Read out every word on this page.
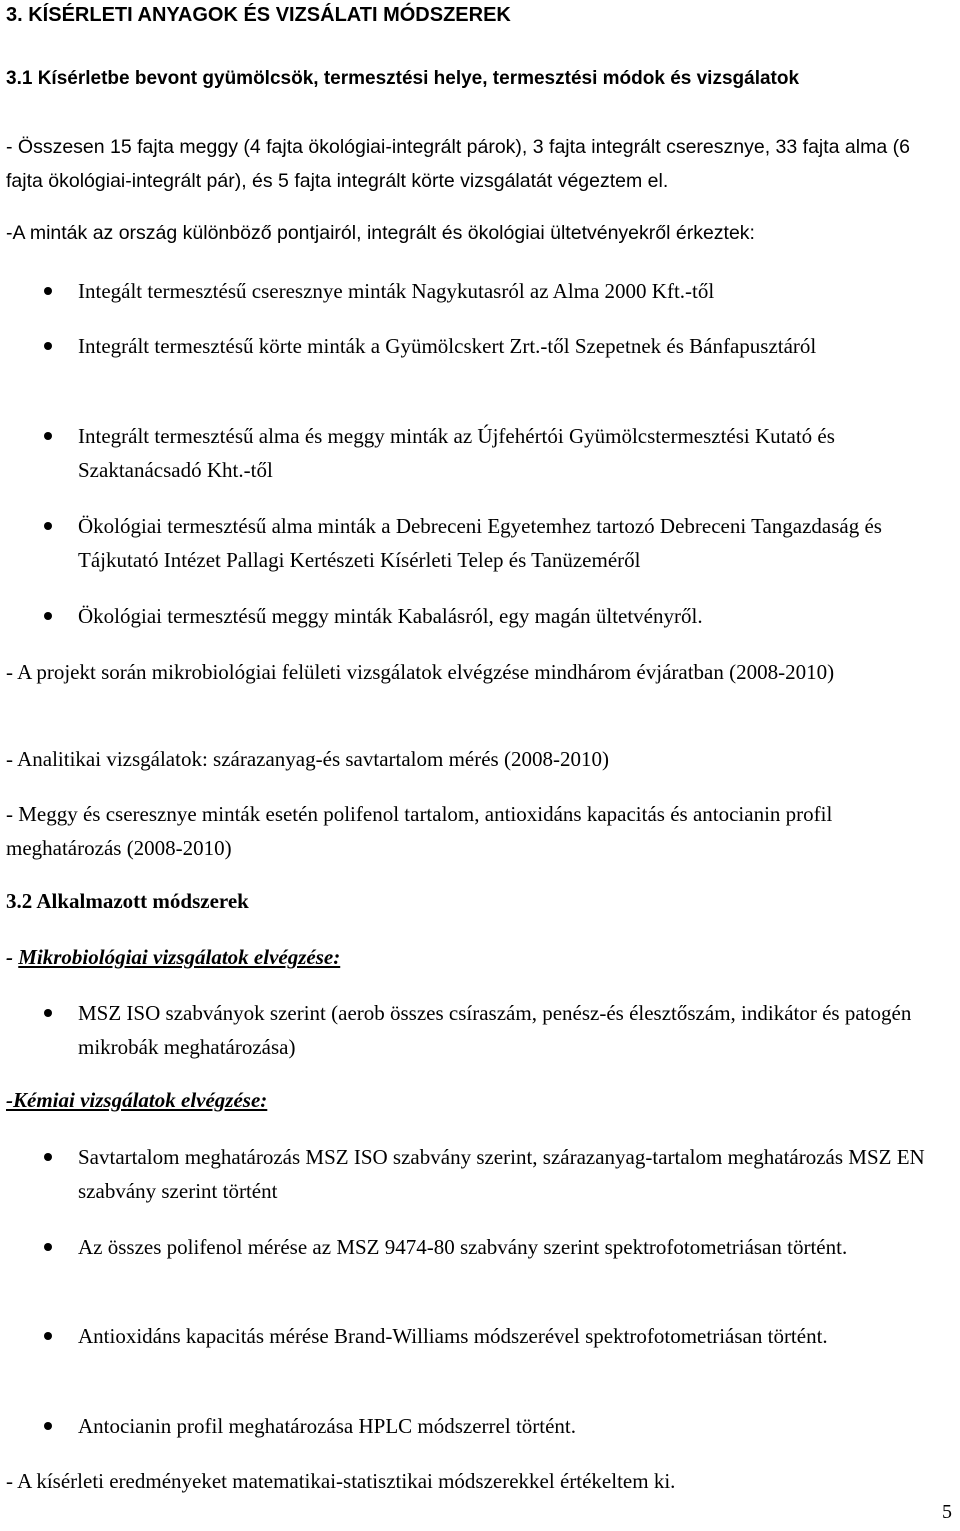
3. KÍSÉRLETI ANYAGOK ÉS VIZSÁLATI MÓDSZEREK
3.1 Kísérletbe bevont gyümölcsök, termesztési helye, termesztési módok és vizsgálatok

- Összesen 15 fajta meggy (4 fajta ökológiai-integrált párok), 3 fajta integrált cseresznye, 33 fajta alma (6 fajta ökológiai-integrált pár), és 5 fajta integrált körte vizsgálatát végeztem el.

-A minták az ország különböző pontjairól, integrált és ökológiai ültetvényekről érkeztek:

Integált termesztésű cseresznye minták Nagykutasról az Alma 2000 Kft.-től

Integrált termesztésű körte minták a Gyümölcskert Zrt.-től Szepetnek és Bánfapusztáról

Integrált termesztésű alma és meggy minták az Újfehértói Gyümölcstermesztési Kutató és Szaktanácsadó Kht.-től

Ökológiai termesztésű alma minták a Debreceni Egyetemhez tartozó Debreceni Tangazdaság és Tájkutató Intézet Pallagi Kertészeti Kísérleti Telep és Tanüzeméről

Ökológiai termesztésű meggy minták Kabalásról, egy magán ültetvényről.

- A projekt során mikrobiológiai felületi vizsgálatok elvégzése mindhárom évjáratban (2008-2010)

- Analitikai vizsgálatok: szárazanyag-és savtartalom mérés (2008-2010)

- Meggy és cseresznye minták esetén polifenol tartalom, antioxidáns kapacitás és antocianin profil meghatározás (2008-2010)

3.2 Alkalmazott módszerek

- Mikrobiológiai vizsgálatok elvégzése:

MSZ ISO szabványok szerint (aerob összes csíraszám, penész-és élesztőszám, indikátor és patogén mikrobák meghatározása)

-Kémiai vizsgálatok elvégzése:

Savtartalom meghatározás MSZ ISO szabvány szerint, szárazanyag-tartalom meghatározás MSZ EN szabvány szerint történt

Az összes polifenol mérése az MSZ 9474-80 szabvány szerint spektrofotometriásan történt.

Antioxidáns kapacitás mérése Brand-Williams módszerével spektrofotometriásan történt.

Antocianin profil meghatározása HPLC módszerrel történt.

- A kísérleti eredményeket matematikai-statisztikai módszerekkel értékeltem ki.

5
